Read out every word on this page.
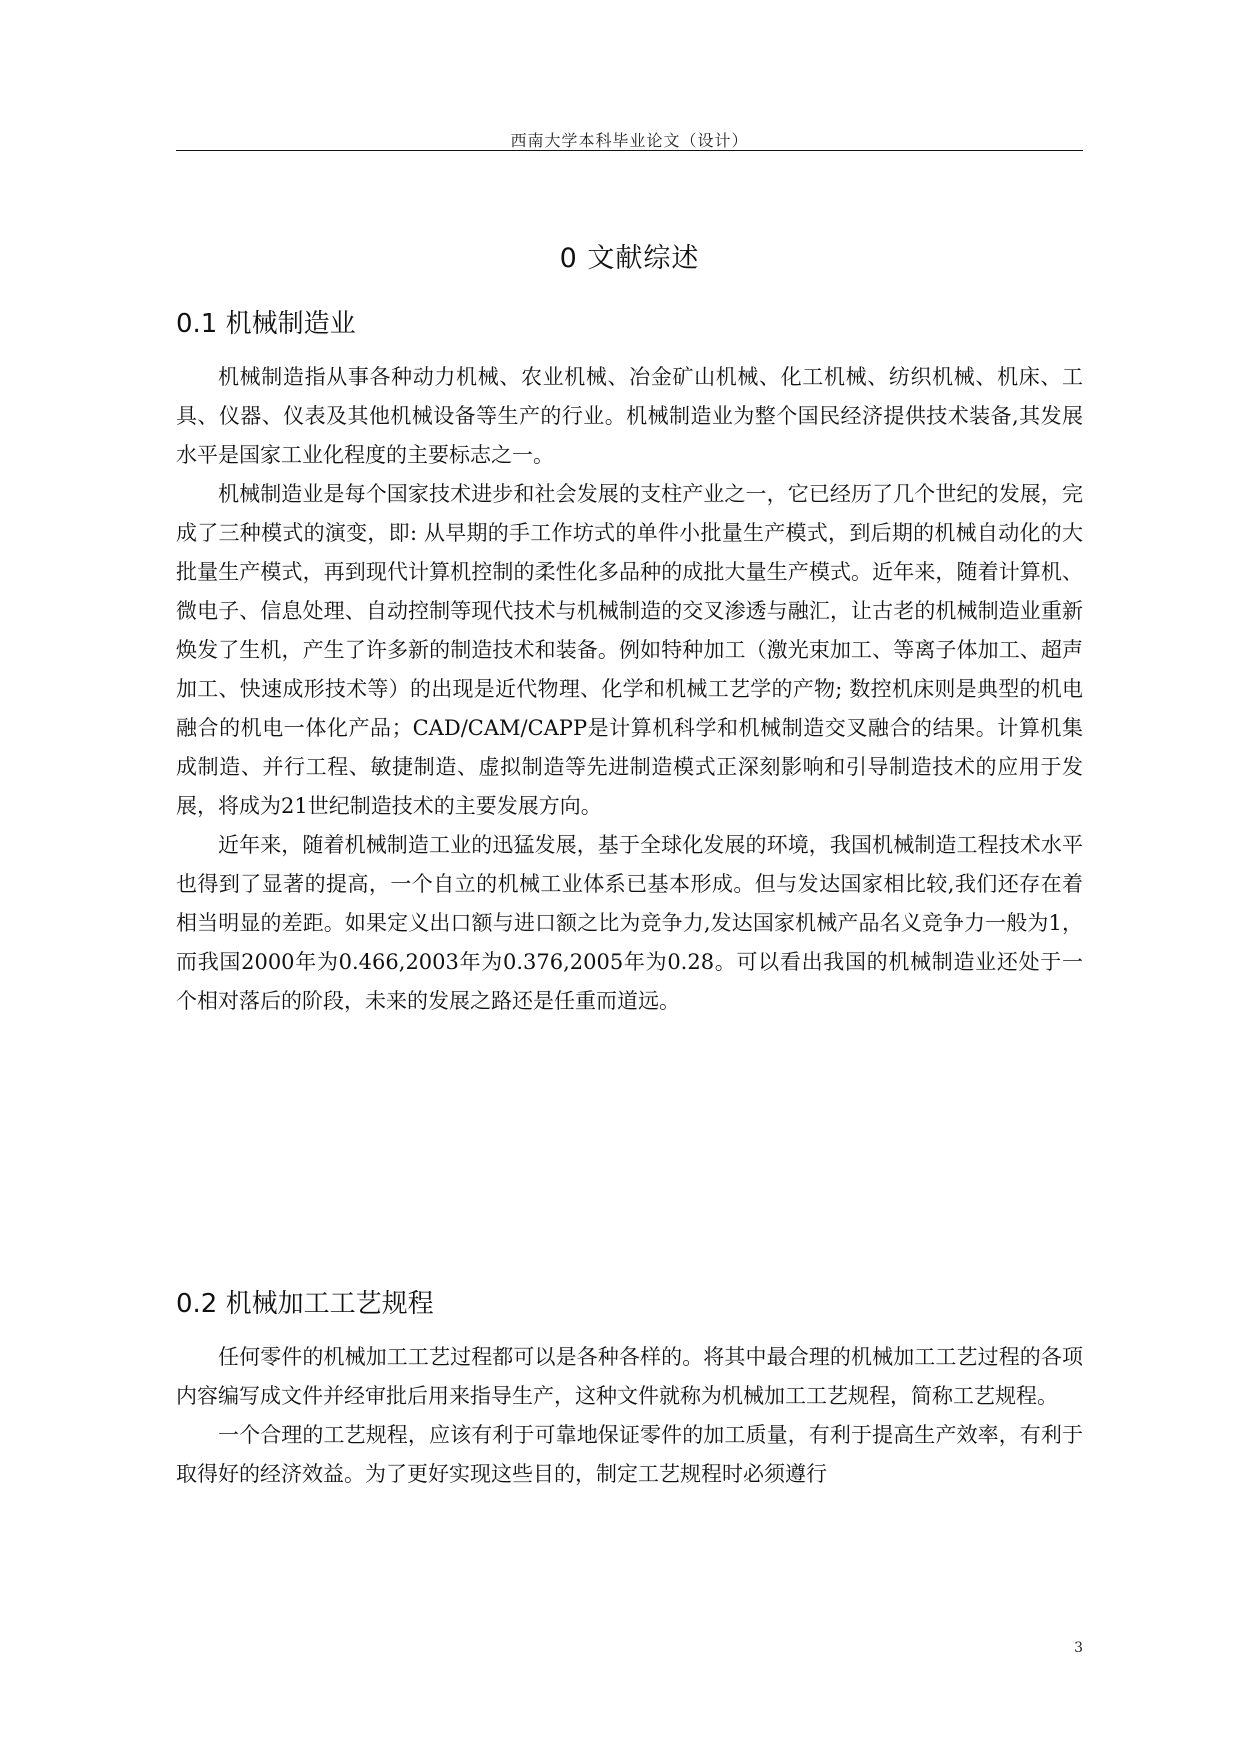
西南大学本科毕业论文（设计）
0 文献综述
0.1 机械制造业

机械制造指从事各种动力机械、农业机械、冶金矿山机械、化工机械、纺织机械、机床、工具、仪器、仪表及其他机械设备等生产的行业。机械制造业为整个国民经济提供技术装备,其发展水平是国家工业化程度的主要标志之一。

机械制造业是每个国家技术进步和社会发展的支柱产业之一，它已经历了几个世纪的发展，完成了三种模式的演变，即: 从早期的手工作坊式的单件小批量生产模式，到后期的机械自动化的大批量生产模式，再到现代计算机控制的柔性化多品种的成批大量生产模式。近年来，随着计算机、微电子、信息处理、自动控制等现代技术与机械制造的交叉渗透与融汇，让古老的机械制造业重新焕发了生机，产生了许多新的制造技术和装备。例如特种加工（激光束加工、等离子体加工、超声加工、快速成形技术等）的出现是近代物理、化学和机械工艺学的产物; 数控机床则是典型的机电融合的机电一体化产品；CAD/CAM/CAPP是计算机科学和机械制造交叉融合的结果。计算机集成制造、并行工程、敏捷制造、虚拟制造等先进制造模式正深刻影响和引导制造技术的应用于发展，将成为21世纪制造技术的主要发展方向。

近年来，随着机械制造工业的迅猛发展，基于全球化发展的环境，我国机械制造工程技术水平也得到了显著的提高，一个自立的机械工业体系已基本形成。但与发达国家相比较,我们还存在着相当明显的差距。如果定义出口额与进口额之比为竞争力,发达国家机械产品名义竞争力一般为1，而我国2000年为0.466,2003年为0.376,2005年为0.28。可以看出我国的机械制造业还处于一个相对落后的阶段，未来的发展之路还是任重而道远。

0.2 机械加工工艺规程

任何零件的机械加工工艺过程都可以是各种各样的。将其中最合理的机械加工工艺过程的各项内容编写成文件并经审批后用来指导生产，这种文件就称为机械加工工艺规程，简称工艺规程。

一个合理的工艺规程，应该有利于可靠地保证零件的加工质量，有利于提高生产效率，有利于取得好的经济效益。为了更好实现这些目的，制定工艺规程时必须遵行

3
